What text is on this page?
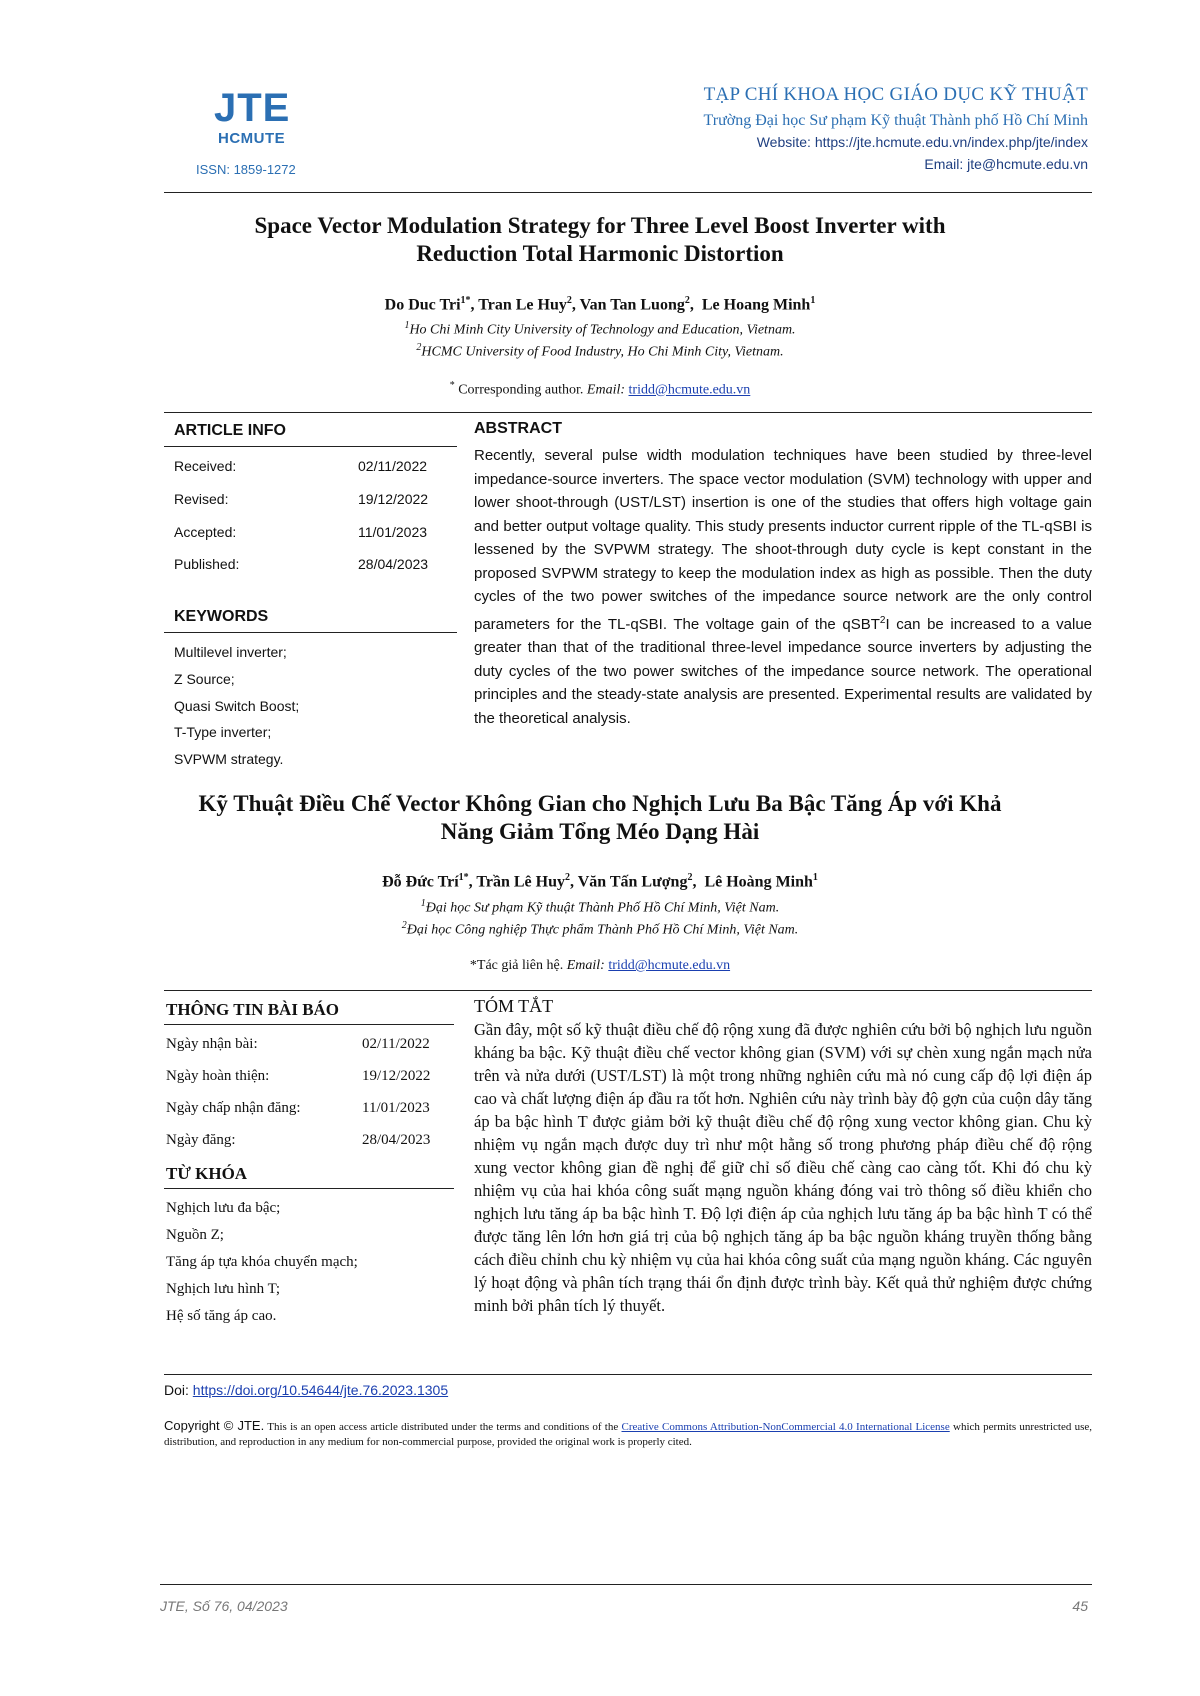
JTE
HCMUTE
ISSN: 1859-1272
TẠP CHÍ KHOA HỌC GIÁO DỤC KỸ THUẬT
Trường Đại học Sư phạm Kỹ thuật Thành phố Hồ Chí Minh
Website: https://jte.hcmute.edu.vn/index.php/jte/index
Email: jte@hcmute.edu.vn
Space Vector Modulation Strategy for Three Level Boost Inverter with
Reduction Total Harmonic Distortion
Do Duc Tri$^{1*}$, Tran Le Huy$^2$, Van Tan Luong$^2$,  Le Hoang Minh$^1$
$^1$Ho Chi Minh City University of Technology and Education, Vietnam.
$^2$HCMC University of Food Industry, Ho Chi Minh City, Vietnam.
* Corresponding author. Email: tridd@hcmute.edu.vn
ARTICLE INFO
Received:	02/11/2022
Revised:	19/12/2022
Accepted:	11/01/2023
Published:	28/04/2023
KEYWORDS
Multilevel inverter;
Z Source;
Quasi Switch Boost;
T-Type inverter;
SVPWM strategy.
ABSTRACT
Recently, several pulse width modulation techniques have been studied by three-level impedance-source inverters. The space vector modulation (SVM) technology with upper and lower shoot-through (UST/LST) insertion is one of the studies that offers high voltage gain and better output voltage quality. This study presents inductor current ripple of the TL-qSBI is lessened by the SVPWM strategy. The shoot-through duty cycle is kept constant in the proposed SVPWM strategy to keep the modulation index as high as possible. Then the duty cycles of the two power switches of the impedance source network are the only control parameters for the TL-qSBI. The voltage gain of the qSBT$^2$I can be increased to a value greater than that of the traditional three-level impedance source inverters by adjusting the duty cycles of the two power switches of the impedance source network. The operational principles and the steady-state analysis are presented. Experimental results are validated by the theoretical analysis.
Kỹ Thuật Điều Chế Vector Không Gian cho Nghịch Lưu Ba Bậc Tăng Áp với Khả
Năng Giảm Tổng Méo Dạng Hài
Đỗ Đức Trí$^{1*}$, Trần Lê Huy$^2$, Văn Tấn Lượng$^2$,  Lê Hoàng Minh$^1$
$^1$Đại học Sư phạm Kỹ thuật Thành Phố Hồ Chí Minh, Việt Nam.
$^2$Đại học Công nghiệp Thực phẩm Thành Phố Hồ Chí Minh, Việt Nam.
*Tác giả liên hệ. Email: tridd@hcmute.edu.vn
THÔNG TIN BÀI BÁO
Ngày nhận bài:	02/11/2022
Ngày hoàn thiện:	19/12/2022
Ngày chấp nhận đăng:	11/01/2023
Ngày đăng:	28/04/2023
TỪ KHÓA
Nghịch lưu đa bậc;
Nguồn Z;
Tăng áp tựa khóa chuyển mạch;
Nghịch lưu hình T;
Hệ số tăng áp cao.
TÓM TẮT
Gần đây, một số kỹ thuật điều chế độ rộng xung đã được nghiên cứu bởi bộ nghịch lưu nguồn kháng ba bậc. Kỹ thuật điều chế vector không gian (SVM) với sự chèn xung ngắn mạch nửa trên và nửa dưới (UST/LST) là một trong những nghiên cứu mà nó cung cấp độ lợi điện áp cao và chất lượng điện áp đầu ra tốt hơn. Nghiên cứu này trình bày độ gợn của cuộn dây tăng áp ba bậc hình T được giảm bởi kỹ thuật điều chế độ rộng xung vector không gian. Chu kỳ nhiệm vụ ngắn mạch được duy trì như một hằng số trong phương pháp điều chế độ rộng xung vector không gian đề nghị để giữ chỉ số điều chế càng cao càng tốt. Khi đó chu kỳ nhiệm vụ của hai khóa công suất mạng nguồn kháng đóng vai trò thông số điều khiển cho nghịch lưu tăng áp ba bậc hình T. Độ lợi điện áp của nghịch lưu tăng áp ba bậc hình T có thể được tăng lên lớn hơn giá trị của bộ nghịch tăng áp ba bậc nguồn kháng truyền thống bằng cách điều chỉnh chu kỳ nhiệm vụ của hai khóa công suất của mạng nguồn kháng. Các nguyên lý hoạt động và phân tích trạng thái ổn định được trình bày. Kết quả thử nghiệm được chứng minh bởi phân tích lý thuyết.
Doi: https://doi.org/10.54644/jte.76.2023.1305
Copyright © JTE. This is an open access article distributed under the terms and conditions of the Creative Commons Attribution-NonCommercial 4.0 International License which permits unrestricted use, distribution, and reproduction in any medium for non-commercial purpose, provided the original work is properly cited.
JTE, Số 76, 04/2023	45
